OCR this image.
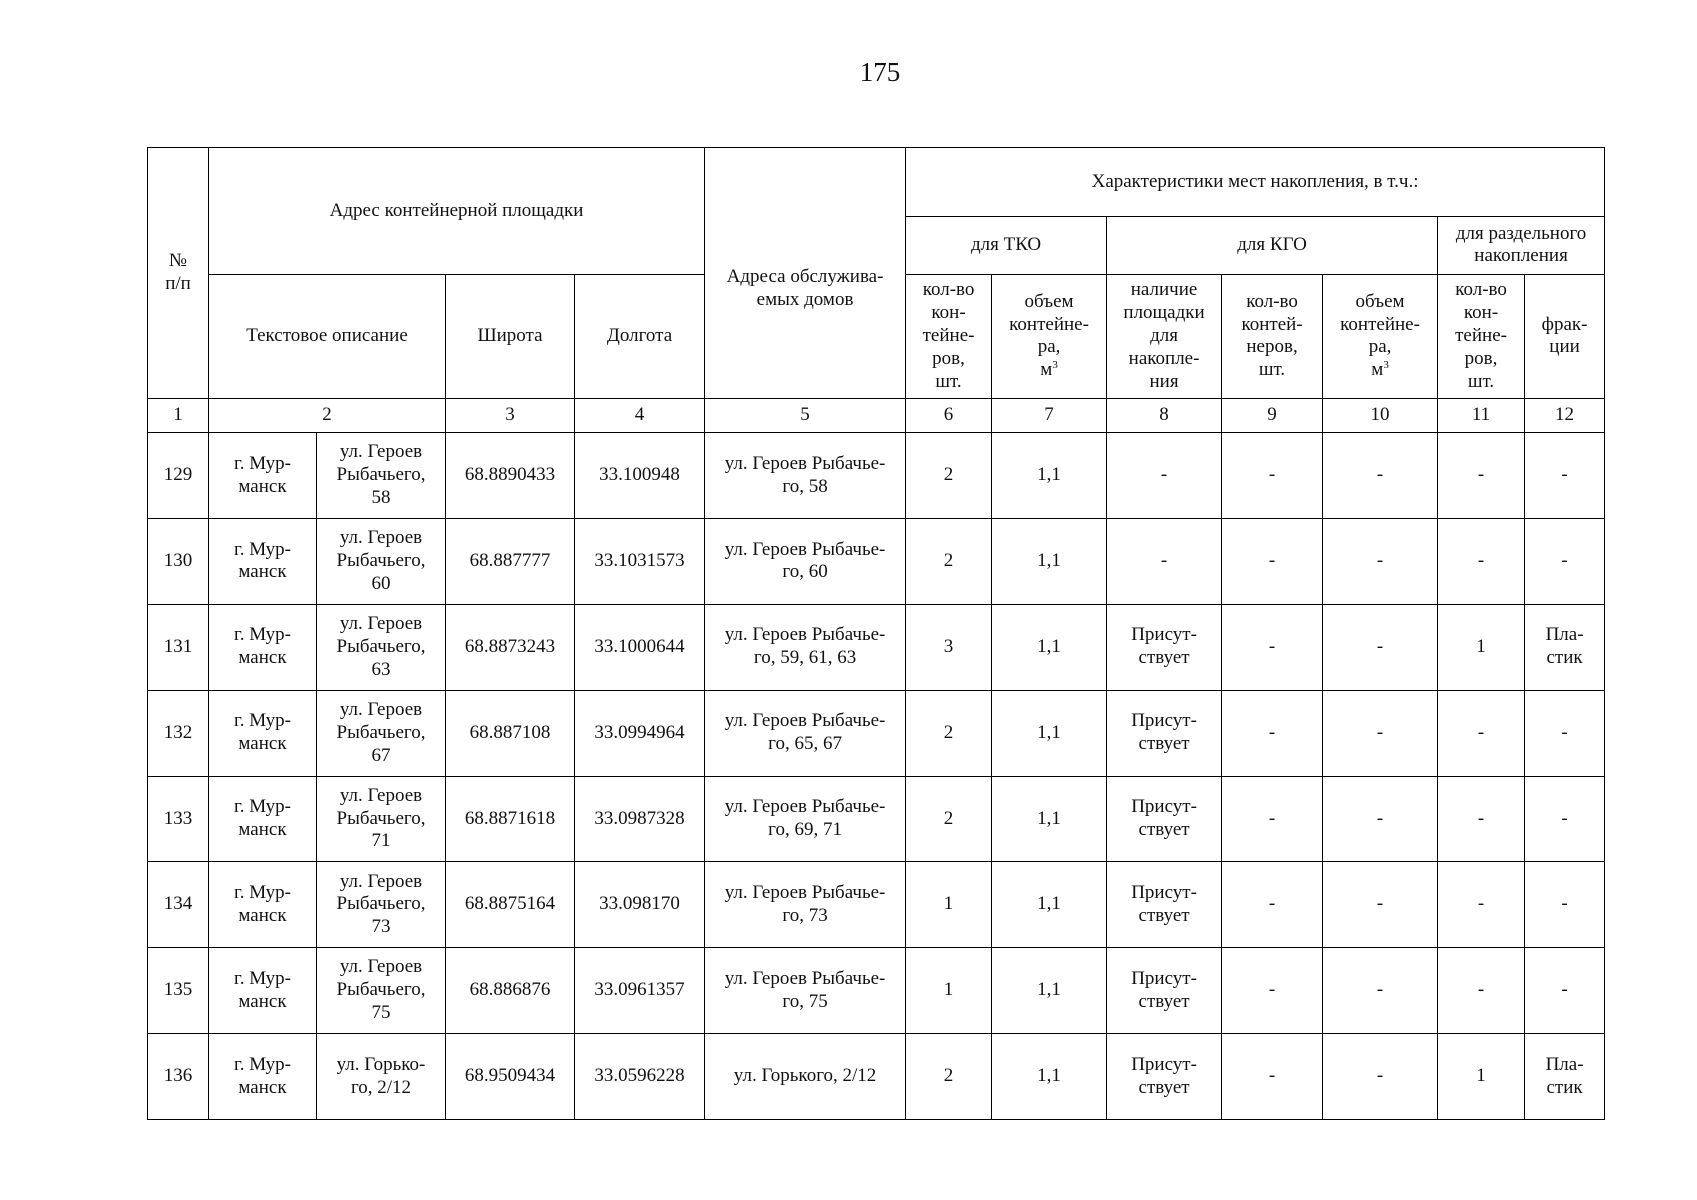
175
№
п/п	Адрес контейнерной площадки				Адреса обслужива-
емых домов	Характеристики мест накопления, в т.ч.:						
						для ТКО		для КГО			для раздельного
накопления	
	Текстовое описание		Широта	Долгота		кол-во
кон-
тейне-
ров,
шт.	объем
контейне-
ра,
$м^3$	наличие
площадки
для
накопле-
ния	кол-во
контей-
неров,
шт.	объем
контейне-
ра,
$м^3$	кол-во
кон-
тейне-
ров,
шт.	фрак-
ции
1	2		3	4	5	6	7	8	9	10	11	12
129	г. Мур-
манск	ул. Героев
Рыбачьего,
58	68.8890433	33.100948	ул. Героев Рыбачье-
го, 58	2	1,1	-	-	-	-	-
130	г. Мур-
манск	ул. Героев
Рыбачьего,
60	68.887777	33.1031573	ул. Героев Рыбачье-
го, 60	2	1,1	-	-	-	-	-
131	г. Мур-
манск	ул. Героев
Рыбачьего,
63	68.8873243	33.1000644	ул. Героев Рыбачье-
го, 59, 61, 63	3	1,1	Присут-
ствует	-	-	1	Пла-
стик
132	г. Мур-
манск	ул. Героев
Рыбачьего,
67	68.887108	33.0994964	ул. Героев Рыбачье-
го, 65, 67	2	1,1	Присут-
ствует	-	-	-	-
133	г. Мур-
манск	ул. Героев
Рыбачьего,
71	68.8871618	33.0987328	ул. Героев Рыбачье-
го, 69, 71	2	1,1	Присут-
ствует	-	-	-	-
134	г. Мур-
манск	ул. Героев
Рыбачьего,
73	68.8875164	33.098170	ул. Героев Рыбачье-
го, 73	1	1,1	Присут-
ствует	-	-	-	-
135	г. Мур-
манск	ул. Героев
Рыбачьего,
75	68.886876	33.0961357	ул. Героев Рыбачье-
го, 75	1	1,1	Присут-
ствует	-	-	-	-
136	г. Мур-
манск	ул. Горько-
го, 2/12	68.9509434	33.0596228	ул. Горького, 2/12	2	1,1	Присут-
ствует	-	-	1	Пла-
стик
